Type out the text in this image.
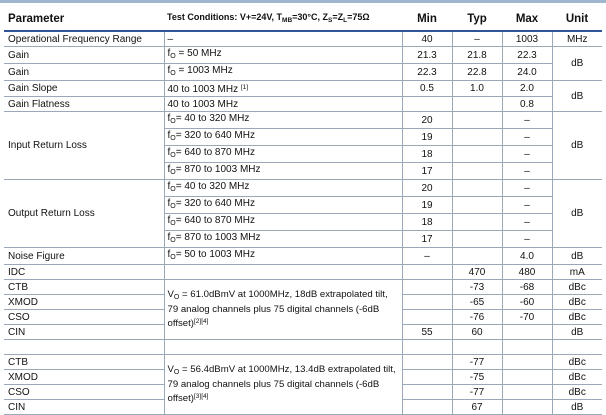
Parameter	Test Conditions: V+=24V, $T_{MB}=30^\circ C$, $Z_S=Z_L=75\Omega$	Min	Typ	Max	Unit
Operational Frequency Range	–	40	–	1003	MHz
Gain	$f_O = 50$ MHz	21.3	21.8	22.3	dB
Gain	$f_O = 1003$ MHz	22.3	22.8	24.0	
Gain Slope	40 to 1003 MHz [1]	0.5	1.0	2.0	dB
Gain Flatness	40 to 1003 MHz			0.8	
Input Return Loss	$f_O= 40$ to 320 MHz	20		–	dB
	$f_O= 320$ to 640 MHz	19		–	
	$f_O= 640$ to 870 MHz	18		–	
	$f_O= 870$ to 1003 MHz	17		–	
Output Return Loss	$f_O= 40$ to 320 MHz	20		–	dB
	$f_O= 320$ to 640 MHz	19		–	
	$f_O= 640$ to 870 MHz	18		–	
	$f_O= 870$ to 1003 MHz	17		–	
Noise Figure	$f_O= 50$ to 1003 MHz	–		4.0	dB
IDC			470	480	mA
CTB	$V_O$ = 61.0dBmV at 1000MHz, 18dB extrapolated tilt, 79 analog channels plus 75 digital channels (-6dB offset)[2][4]		-73	-68	dBc
XMOD			-65	-60	dBc
CSO			-76	-70	dBc
CIN		55	60		dB

CTB	$V_O$ = 56.4dBmV at 1000MHz, 13.4dB extrapolated tilt, 79 analog channels plus 75 digital channels (-6dB offset)[3][4]		-77		dBc
XMOD			-75		dBc
CSO			-77		dBc
CIN			67		dB
